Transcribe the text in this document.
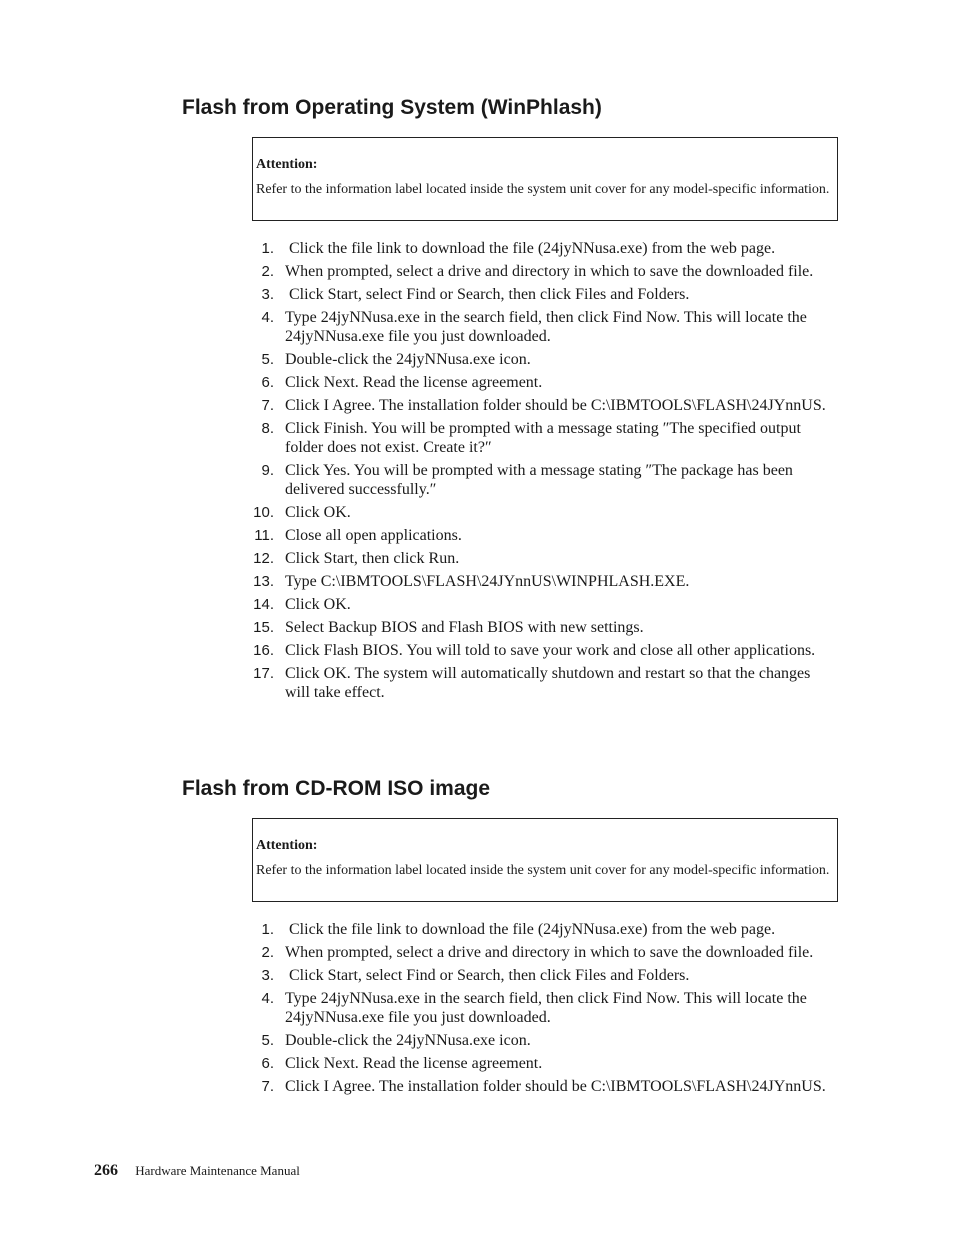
Flash from Operating System (WinPhlash)
Attention:
Refer to the information label located inside the system unit cover for any model-specific information.
1. Click the file link to download the file (24jyNNusa.exe) from the web page.
2. When prompted, select a drive and directory in which to save the downloaded file.
3. Click Start, select Find or Search, then click Files and Folders.
4. Type 24jyNNusa.exe in the search field, then click Find Now. This will locate the 24jyNNusa.exe file you just downloaded.
5. Double-click the 24jyNNusa.exe icon.
6. Click Next. Read the license agreement.
7. Click I Agree. The installation folder should be C:\IBMTOOLS\FLASH\24JYnnUS.
8. Click Finish. You will be prompted with a message stating ″The specified output folder does not exist. Create it?″
9. Click Yes. You will be prompted with a message stating ″The package has been delivered successfully.″
10. Click OK.
11. Close all open applications.
12. Click Start, then click Run.
13. Type C:\IBMTOOLS\FLASH\24JYnnUS\WINPHLASH.EXE.
14. Click OK.
15. Select Backup BIOS and Flash BIOS with new settings.
16. Click Flash BIOS. You will told to save your work and close all other applications.
17. Click OK. The system will automatically shutdown and restart so that the changes will take effect.
Flash from CD-ROM ISO image
Attention:
Refer to the information label located inside the system unit cover for any model-specific information.
1. Click the file link to download the file (24jyNNusa.exe) from the web page.
2. When prompted, select a drive and directory in which to save the downloaded file.
3. Click Start, select Find or Search, then click Files and Folders.
4. Type 24jyNNusa.exe in the search field, then click Find Now. This will locate the 24jyNNusa.exe file you just downloaded.
5. Double-click the 24jyNNusa.exe icon.
6. Click Next. Read the license agreement.
7. Click I Agree. The installation folder should be C:\IBMTOOLS\FLASH\24JYnnUS.
266 Hardware Maintenance Manual
